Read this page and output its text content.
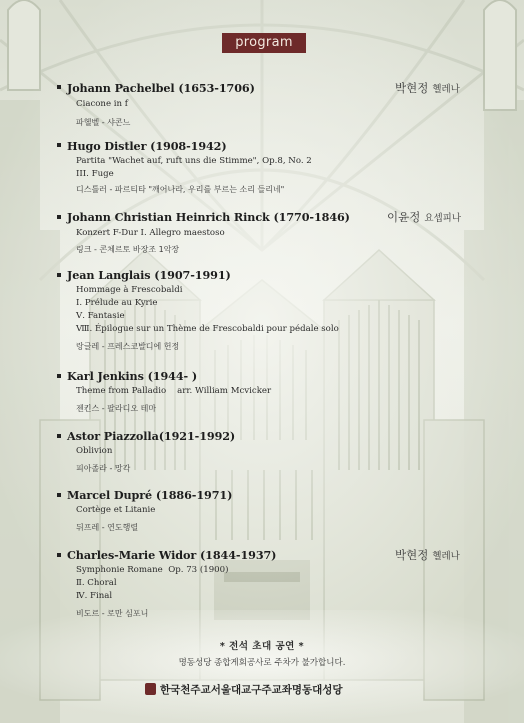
program
Johann Pachelbel (1653-1706)	박현정 헬레나
Ciacone in f
파헬벨 - 샤콘느
Hugo Distler (1908-1942)
Partita "Wachet auf, ruft uns die Stimme", Op.8, No. 2
III. Fuge
디스틀러 - 파르티타 "깨어나라, 우리를 부르는 소리 들리네"
Johann Christian Heinrich Rinck (1770-1846)	이윤정 요셉피나
Konzert F-Dur Ⅰ. Allegro maestoso
링크 - 콘체르토 바장조 1악장
Jean Langlais (1907-1991)
Hommage à Frescobaldi
Ⅰ. Prélude au Kyrie
Ⅴ. Fantasie
Ⅷ. Épilogue sur un Thème de Frescobaldi pour pédale solo
랑글레 - 프레스코발디에 헌정
Karl Jenkins (1944- )
Theme from Palladio    arr. William Mcvicker
젠킨스 - 팔라디오 테마
Astor Piazzolla(1921-1992)
Oblivion
피아졸라 - 망각
Marcel Dupré (1886-1971)
Cortège et Litanie
뒤프레 - 연도행렬
Charles-Marie Widor (1844-1937)	박현정 헬레나
Symphonie Romane  Op. 73 (1900)
Ⅱ. Choral
Ⅳ. Final
비도르 - 로만 심포니
* 전석 초대 공연 *
명동성당 종합게회공사로 주차가 불가합니다.
한국천주교서울대교구주교좌명동대성당
